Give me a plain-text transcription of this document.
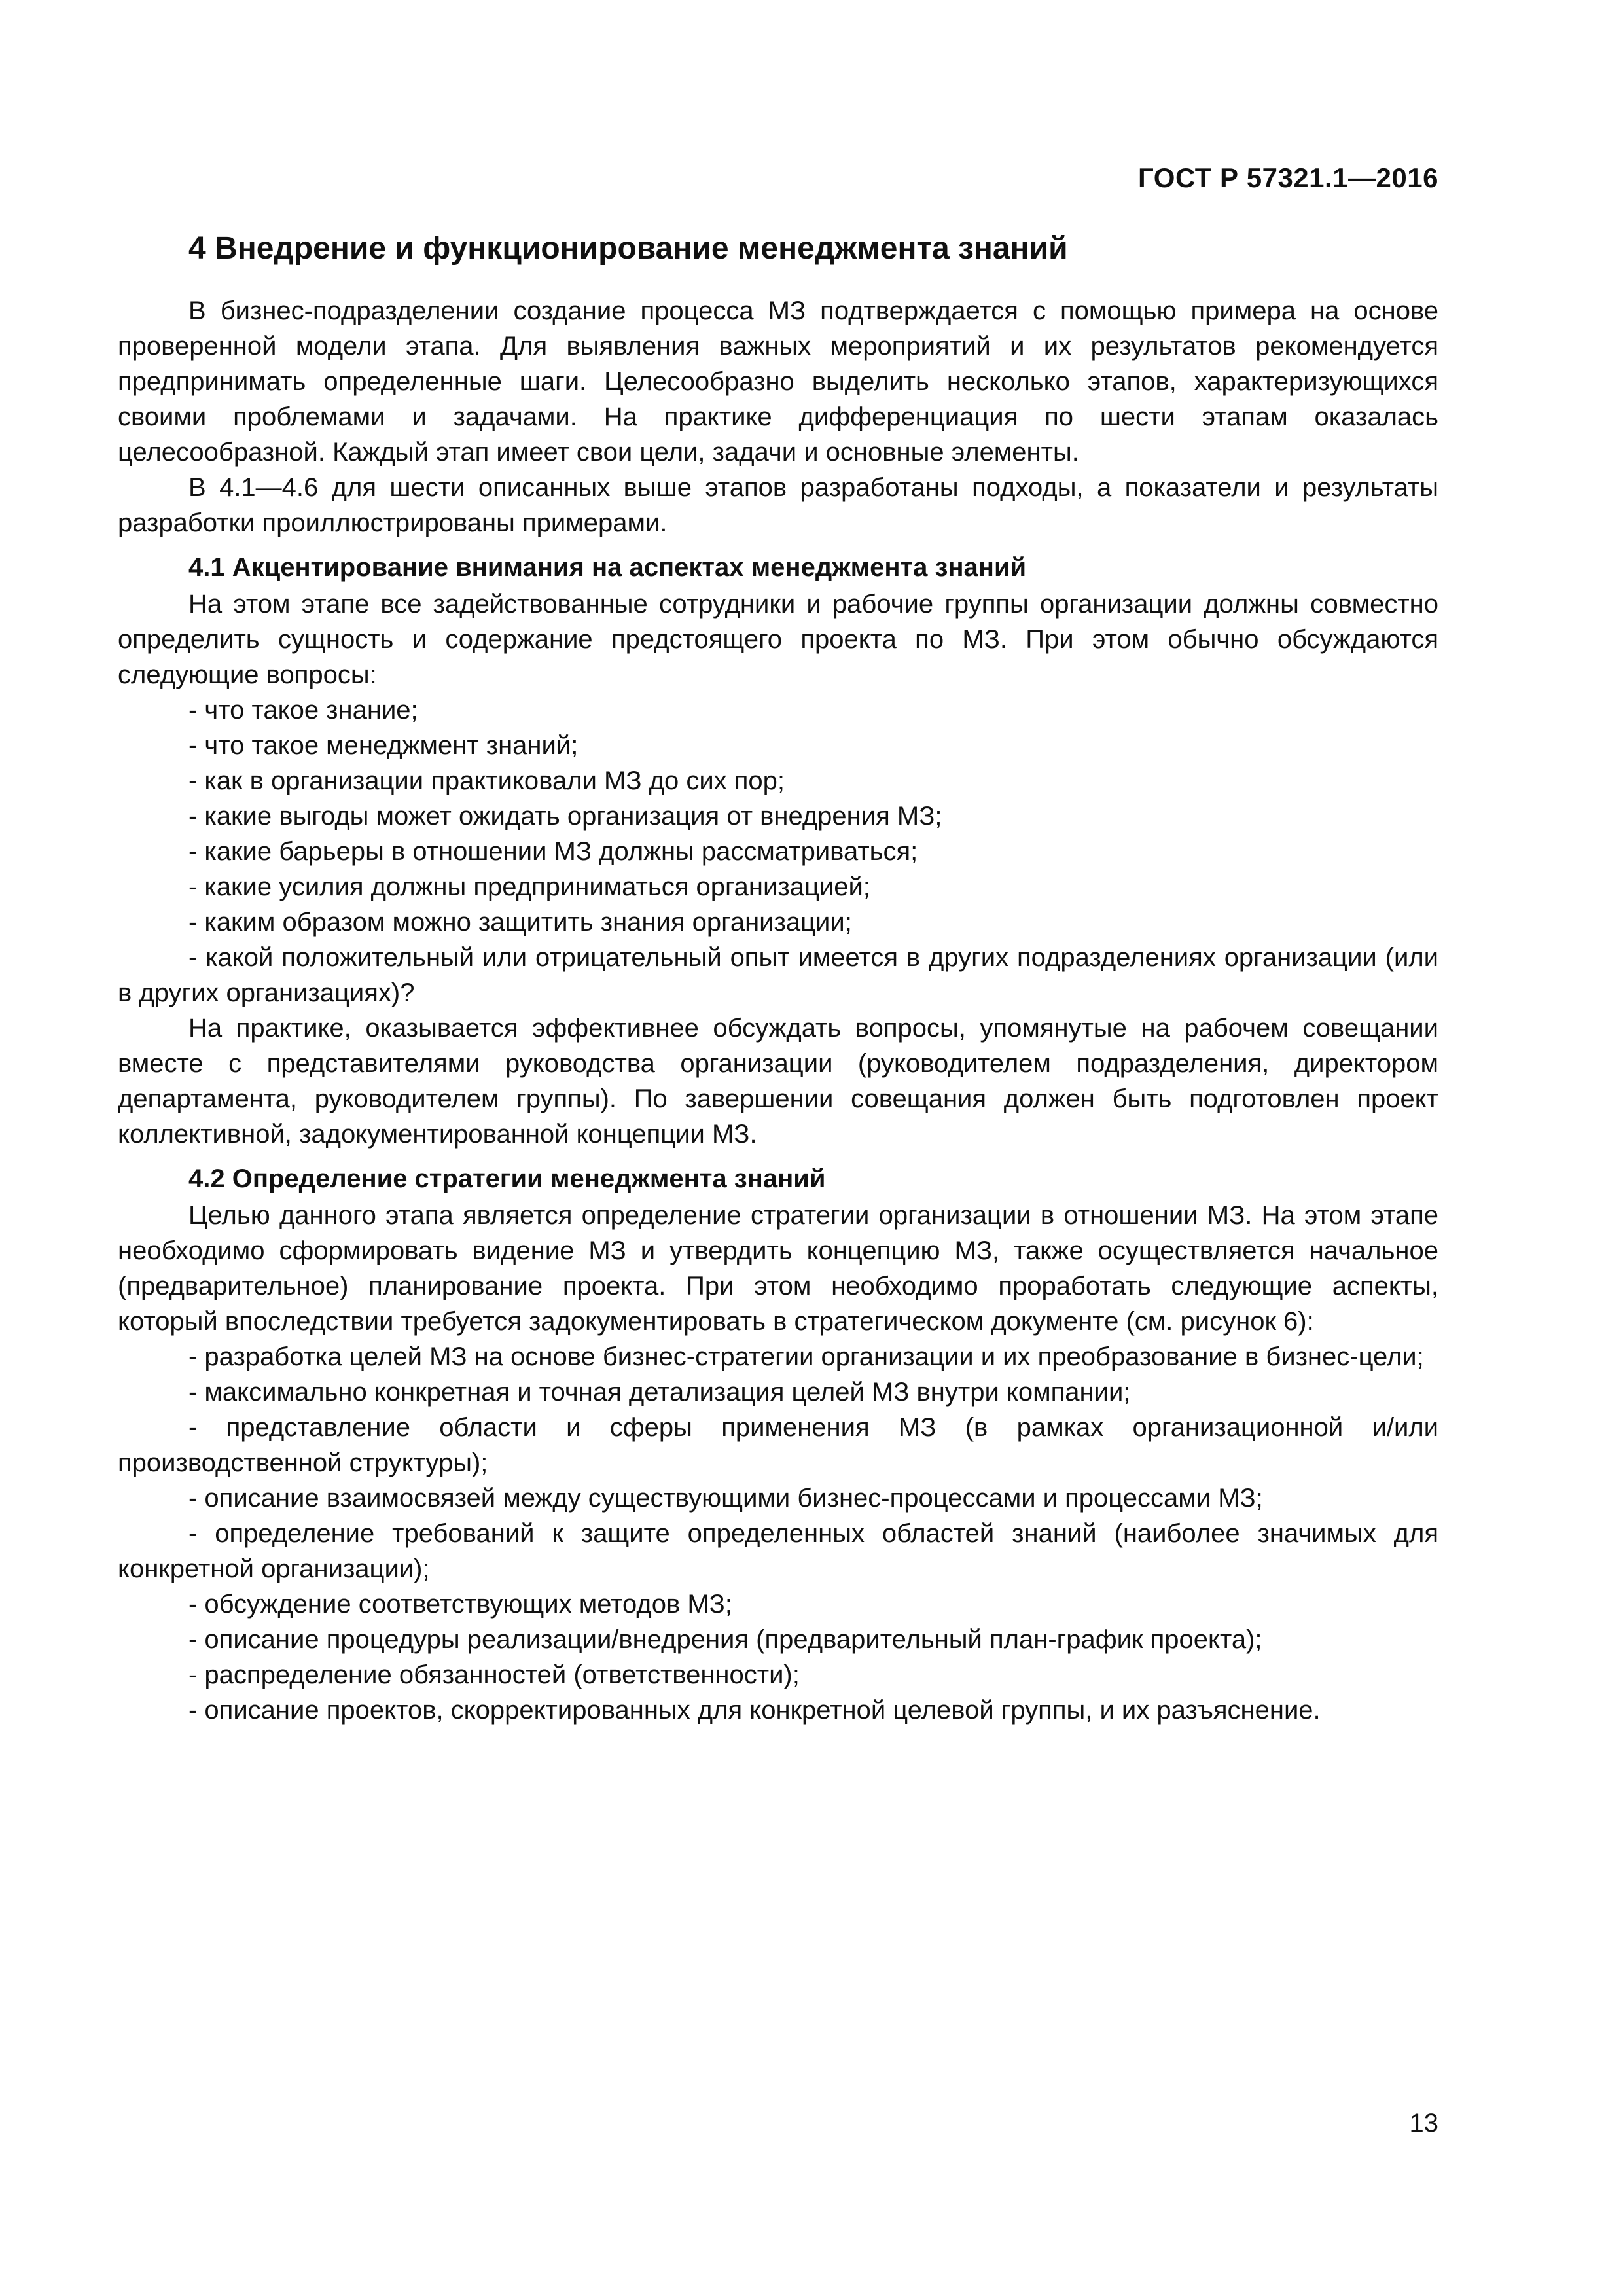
ГОСТ Р 57321.1—2016
4 Внедрение и функционирование менеджмента знаний

В бизнес-подразделении создание процесса МЗ подтверждается с помощью примера на основе проверенной модели этапа. Для выявления важных мероприятий и их результатов рекомендуется предпринимать определенные шаги. Целесообразно выделить несколько этапов, характеризующихся своими проблемами и задачами. На практике дифференциация по шести этапам оказалась целесообразной. Каждый этап имеет свои цели, задачи и основные элементы.

В 4.1—4.6 для шести описанных выше этапов разработаны подходы, а показатели и результаты разработки проиллюстрированы примерами.

4.1 Акцентирование внимания на аспектах менеджмента знаний

На этом этапе все задействованные сотрудники и рабочие группы организации должны совместно определить сущность и содержание предстоящего проекта по МЗ. При этом обычно обсуждаются следующие вопросы:

- что такое знание;
- что такое менеджмент знаний;
- как в организации практиковали МЗ до сих пор;
- какие выгоды может ожидать организация от внедрения МЗ;
- какие барьеры в отношении МЗ должны рассматриваться;
- какие усилия должны предприниматься организацией;
- каким образом можно защитить знания организации;
- какой положительный или отрицательный опыт имеется в других подразделениях организации (или в других организациях)?

На практике, оказывается эффективнее обсуждать вопросы, упомянутые на рабочем совещании вместе с представителями руководства организации (руководителем подразделения, директором департамента, руководителем группы). По завершении совещания должен быть подготовлен проект коллективной, задокументированной концепции МЗ.

4.2 Определение стратегии менеджмента знаний

Целью данного этапа является определение стратегии организации в отношении МЗ. На этом этапе необходимо сформировать видение МЗ и утвердить концепцию МЗ, также осуществляется начальное (предварительное) планирование проекта. При этом необходимо проработать следующие аспекты, который впоследствии требуется задокументировать в стратегическом документе (см. рисунок 6):

- разработка целей МЗ на основе бизнес-стратегии организации и их преобразование в бизнес-цели;
- максимально конкретная и точная детализация целей МЗ внутри компании;
- представление области и сферы применения МЗ (в рамках организационной и/или производственной структуры);
- описание взаимосвязей между существующими бизнес-процессами и процессами МЗ;
- определение требований к защите определенных областей знаний (наиболее значимых для конкретной организации);
- обсуждение соответствующих методов МЗ;
- описание процедуры реализации/внедрения (предварительный план-график проекта);
- распределение обязанностей (ответственности);
- описание проектов, скорректированных для конкретной целевой группы, и их разъяснение.
13
